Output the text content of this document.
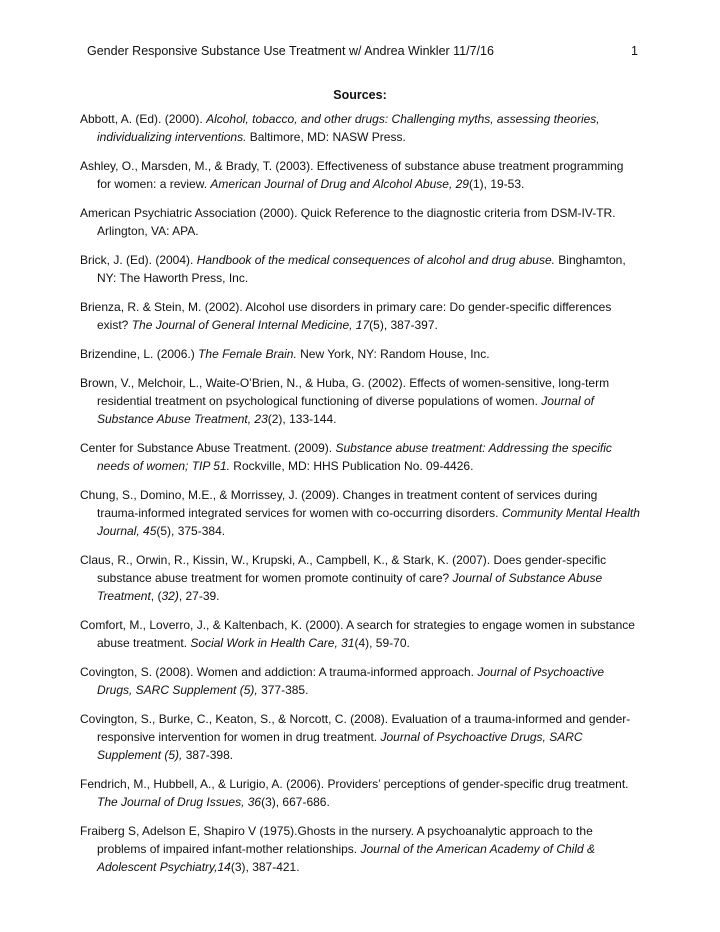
Gender Responsive Substance Use Treatment w/ Andrea Winkler 11/7/16	1
Sources:
Abbott, A. (Ed). (2000). Alcohol, tobacco, and other drugs: Challenging myths, assessing theories, individualizing interventions. Baltimore, MD: NASW Press.
Ashley, O., Marsden, M., & Brady, T. (2003). Effectiveness of substance abuse treatment programming for women: a review. American Journal of Drug and Alcohol Abuse, 29(1), 19-53.
American Psychiatric Association (2000). Quick Reference to the diagnostic criteria from DSM-IV-TR. Arlington, VA: APA.
Brick, J. (Ed). (2004). Handbook of the medical consequences of alcohol and drug abuse. Binghamton, NY: The Haworth Press, Inc.
Brienza, R. & Stein, M. (2002). Alcohol use disorders in primary care: Do gender-specific differences exist? The Journal of General Internal Medicine, 17(5), 387-397.
Brizendine, L. (2006.) The Female Brain. New York, NY: Random House, Inc.
Brown, V., Melchoir, L., Waite-O’Brien, N., & Huba, G. (2002). Effects of women-sensitive, long-term residential treatment on psychological functioning of diverse populations of women. Journal of Substance Abuse Treatment, 23(2), 133-144.
Center for Substance Abuse Treatment. (2009). Substance abuse treatment: Addressing the specific needs of women; TIP 51. Rockville, MD: HHS Publication No. 09-4426.
Chung, S., Domino, M.E., & Morrissey, J. (2009). Changes in treatment content of services during trauma-informed integrated services for women with co-occurring disorders. Community Mental Health Journal, 45(5), 375-384.
Claus, R., Orwin, R., Kissin, W., Krupski, A., Campbell, K., & Stark, K. (2007). Does gender-specific substance abuse treatment for women promote continuity of care? Journal of Substance Abuse Treatment, (32), 27-39.
Comfort, M., Loverro, J., & Kaltenbach, K. (2000). A search for strategies to engage women in substance abuse treatment. Social Work in Health Care, 31(4), 59-70.
Covington, S. (2008). Women and addiction: A trauma-informed approach. Journal of Psychoactive Drugs, SARC Supplement (5), 377-385.
Covington, S., Burke, C., Keaton, S., & Norcott, C. (2008). Evaluation of a trauma-informed and gender-responsive intervention for women in drug treatment. Journal of Psychoactive Drugs, SARC Supplement (5), 387-398.
Fendrich, M., Hubbell, A., & Lurigio, A. (2006). Providers’ perceptions of gender-specific drug treatment. The Journal of Drug Issues, 36(3), 667-686.
Fraiberg S, Adelson E, Shapiro V (1975).Ghosts in the nursery. A psychoanalytic approach to the problems of impaired infant-mother relationships. Journal of the American Academy of Child & Adolescent Psychiatry,14(3), 387-421.
